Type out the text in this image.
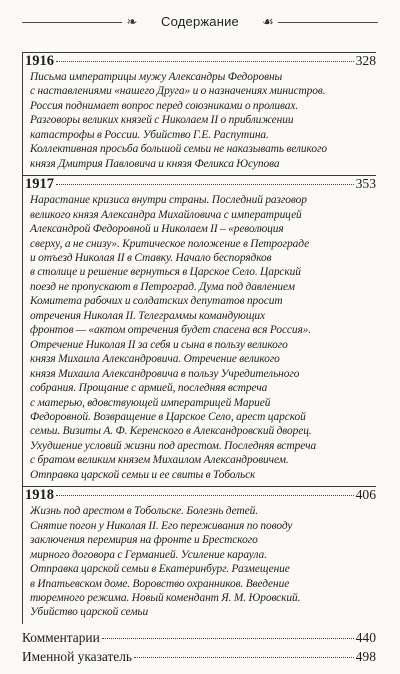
❧	Содержание	☙
1916	328
Письма императрицы мужу Александры Федоровны
с наставлениями «нашего Друга» и о назначениях министров.
Россия поднимает вопрос перед союзниками о проливах.
Разговоры великих князей с Николаем II о приближении
катастрофы в России. Убийство Г.Е. Распутина.
Коллективная просьба большой семьи не наказывать великого
князя Дмитрия Павловича и князя Феликса Юсупова
1917	353
Нарастание кризиса внутри страны. Последний разговор
великого князя Александра Михайловича с императрицей
Александрой Федоровной и Николаем II – «революция
сверху, а не снизу». Критическое положение в Петрограде
и отъезд Николая II в Ставку. Начало беспорядков
в столице и решение вернуться в Царское Село. Царский
поезд не пропускают в Петроград. Дума под давлением
Комитета рабочих и солдатских депутатов просит
отречения Николая II. Телеграммы командующих
фронтов — «актом отречения будет спасена вся Россия».
Отречение Николая II за себя и сына в пользу великого
князя Михаила Александровича. Отречение великого
князя Михаила Александровича в пользу Учредительного
собрания. Прощание с армией, последняя встреча
с матерью, вдовствующей императрицей Марией
Федоровной. Возвращение в Царское Село, арест царской
семьи. Визиты А. Ф. Керенского в Александровский дворец.
Ухудшение условий жизни под арестом. Последняя встреча
с братом великим князем Михаилом Александровичем.
Отправка царской семьи и ее свиты в Тобольск
1918	406
Жизнь под арестом в Тобольске. Болезнь детей.
Снятие погон у Николая II. Его переживания по поводу
заключения перемирия на фронте и Брестского
мирного договора с Германией. Усиление караула.
Отправка царской семьи в Екатеринбург. Размещение
в Ипатьевском доме. Воровство охранников. Введение
тюремного режима. Новый комендант Я. М. Юровский.
Убийство царской семьи
Комментарии	440
Именной указатель	498
